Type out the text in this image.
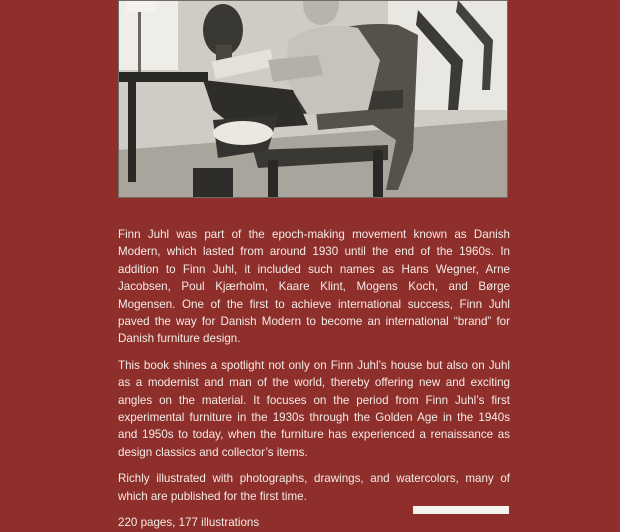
Finn Juhl was part of the epoch-making movement known as Danish Modern, which lasted from around 1930 until the end of the 1960s. In addition to Finn Juhl, it included such names as Hans Wegner, Arne Jacobsen, Poul Kjærholm, Kaare Klint, Mogens Koch, and Børge Mogensen. One of the first to achieve international success, Finn Juhl paved the way for Danish Modern to become an international “brand” for Danish furniture design.

This book shines a spotlight not only on Finn Juhl’s house but also on Juhl as a modernist and man of the world, thereby offering new and exciting angles on the material. It focuses on the period from Finn Juhl’s first experimental furniture in the 1930s through the Golden Age in the 1940s and 1950s to today, when the furniture has experienced a renaissance as design classics and collector’s items.

Richly illustrated with photographs, drawings, and watercolors, many of which are published for the first time.

220 pages, 177 illustrations
